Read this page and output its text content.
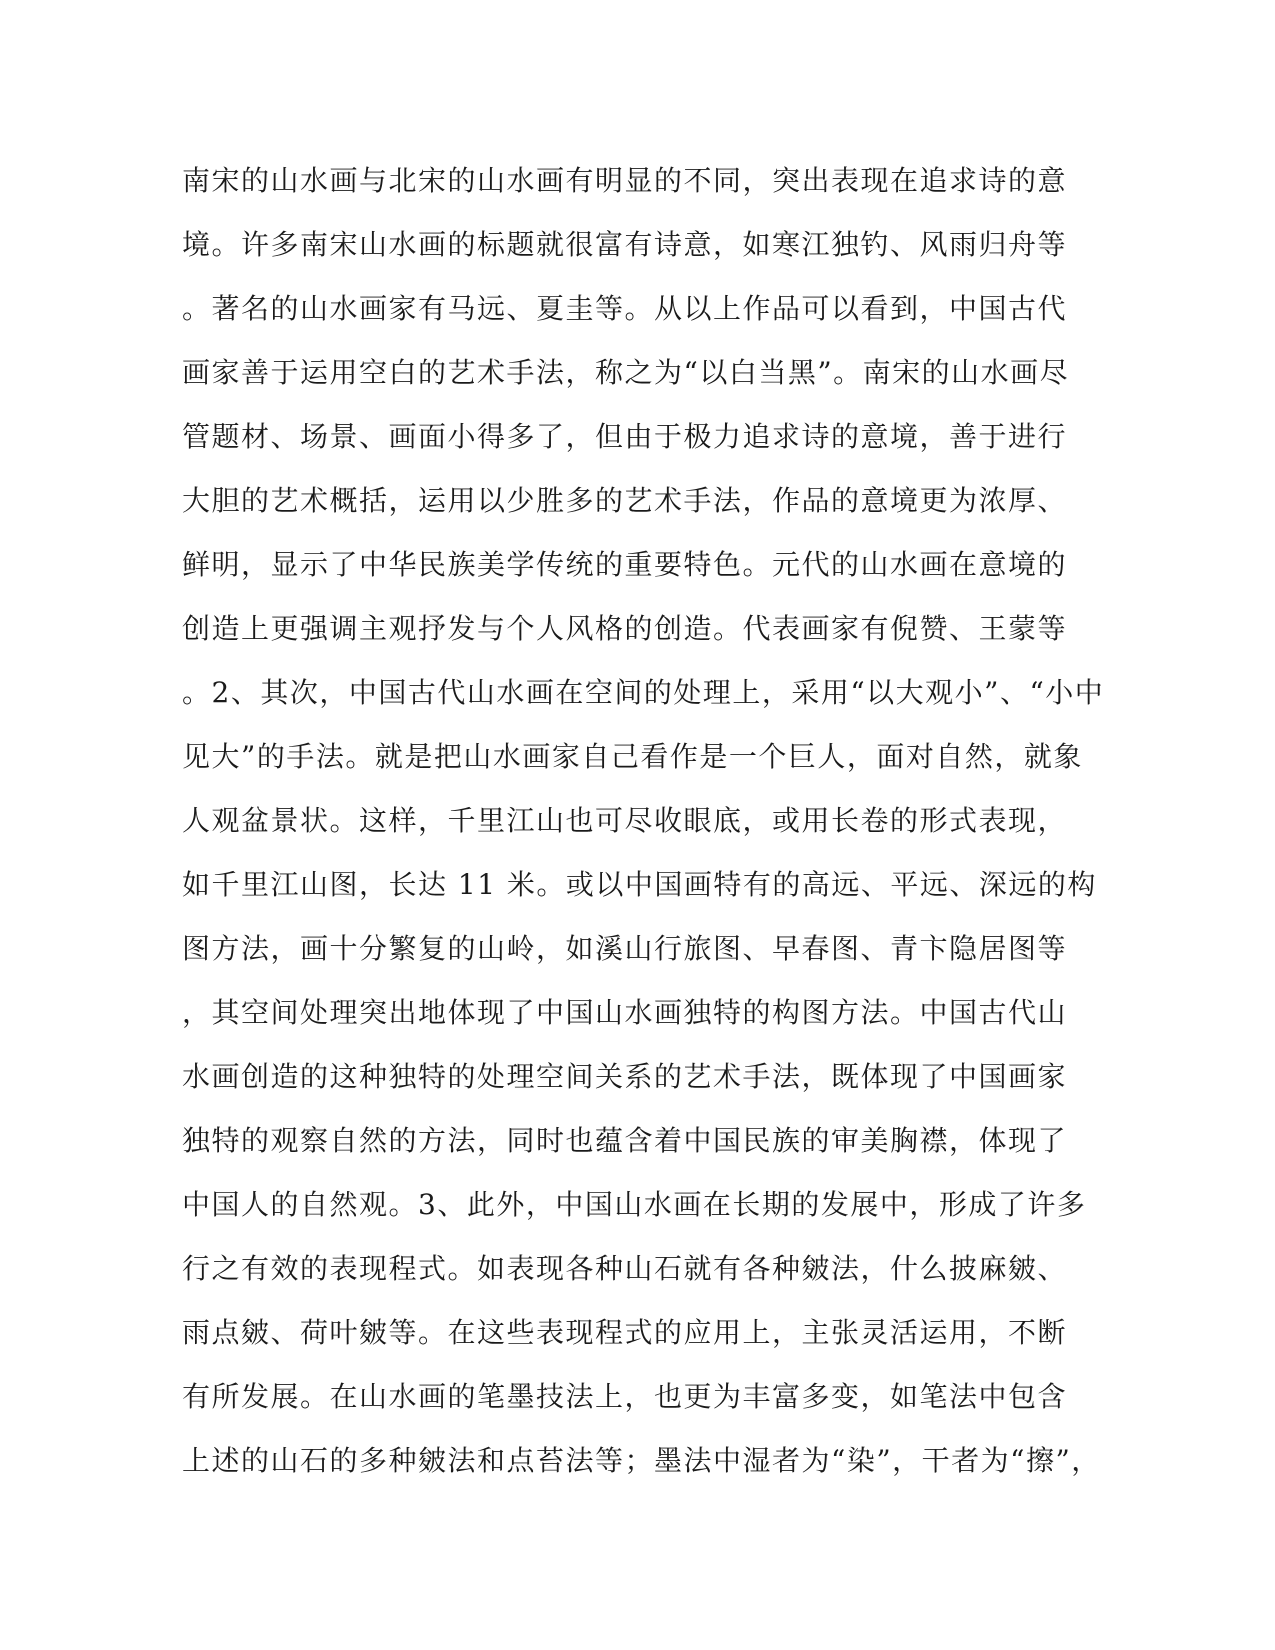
南宋的山水画与北宋的山水画有明显的不同，突出表现在追求诗的意
境。许多南宋山水画的标题就很富有诗意，如寒江独钓、风雨归舟等
。著名的山水画家有马远、夏圭等。从以上作品可以看到，中国古代
画家善于运用空白的艺术手法，称之为“以白当黑”。南宋的山水画尽
管题材、场景、画面小得多了，但由于极力追求诗的意境，善于进行
大胆的艺术概括，运用以少胜多的艺术手法，作品的意境更为浓厚、
鲜明，显示了中华民族美学传统的重要特色。元代的山水画在意境的
创造上更强调主观抒发与个人风格的创造。代表画家有倪赞、王蒙等
。2、其次，中国古代山水画在空间的处理上，采用“以大观小”、“小中
见大”的手法。就是把山水画家自己看作是一个巨人，面对自然，就象
人观盆景状。这样，千里江山也可尽收眼底，或用长卷的形式表现，
如千里江山图，长达 11 米。或以中国画特有的高远、平远、深远的构
图方法，画十分繁复的山岭，如溪山行旅图、早春图、青卞隐居图等
，其空间处理突出地体现了中国山水画独特的构图方法。中国古代山
水画创造的这种独特的处理空间关系的艺术手法，既体现了中国画家
独特的观察自然的方法，同时也蕴含着中国民族的审美胸襟，体现了
中国人的自然观。3、此外，中国山水画在长期的发展中，形成了许多
行之有效的表现程式。如表现各种山石就有各种皴法，什么披麻皴、
雨点皴、荷叶皴等。在这些表现程式的应用上，主张灵活运用，不断
有所发展。在山水画的笔墨技法上，也更为丰富多变，如笔法中包含
上述的山石的多种皴法和点苔法等；墨法中湿者为“染”，干者为“擦”，
